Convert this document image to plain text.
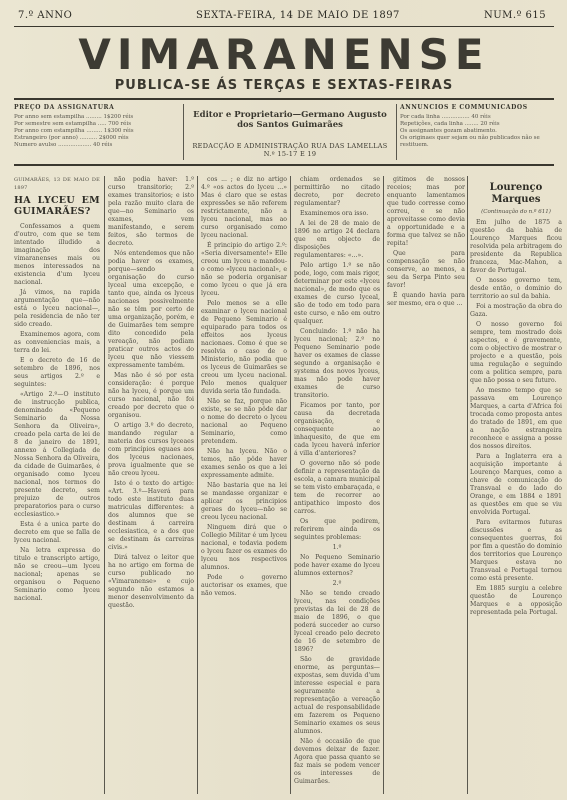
7.º ANNO	SEXTA-FEIRA, 14 DE MAIO DE 1897	NUM.º 615
VIMARANENSE
PUBLICA-SE ÁS TERÇAS E SEXTAS-FEIRAS
PREÇO DA ASSIGNATURA
Por anno sem estampilha ......... 1$200 réis
Por semestre sem estampilha ..... 700 réis
Por anno com estampilha ......... 1$300 réis
Estrangeiro (por anno) .......... 2$000 réis
Numero avulso ................... 40 réis
Editor e Proprietario—Germano Augusto dos Santos Guimarães
REDACÇÃO E ADMINISTRAÇÃO RUA DAS LAMELLAS N.º 15-17 E 19
ANNUNCIOS E COMMUNICADOS
Por cada linha ................ 40 réis
Repetições, cada linha ........ 20 réis
Os assignantes gozam abatimento.
Os originaes quer sejam ou não publicados não se restituem.

GUIMARÃES, 13 DE MAIO DE 1897

HA LYCEU EM GUIMARÃES?

Confessamos a quem d'outro, com que se tem intentado illudido a imaginação dos vimaranenses mais ou menos interessados na existencia d'um lyceu nacional.

Já vimos, na rapida argumentação que—não está o lyceu nacional—, pela residencia de não ter sido creado.

Examinemos agora, com as conveniencias mais, a terra do lei.

E o decreto de 16 de setembro de 1896, nos seus artigos 2.º e seguintes:

«Artigo 2.º—O instituto de instrucção publica, denominado «Pequeno Seminario da Nossa Senhora da Oliveira», creado pela carta de lei de 8 de janeiro de 1891, annexo á Collegiada de Nossa Senhora da Oliveira, da cidade de Guimarães, é organisado como lyceu nacional, nos termos do presente decreto, sem prejuizo de outros preparatorios para o curso ecclesiastico.»

Esta é a unica parte do decreto em que se falla de lyceu nacional.

Na letra expressa do titulo e transcripto artigo, não se creou—um lyceu nacional; apenas se organisou o Pequeno Seminario como lyceu nacional.

não podia haver: 1.º curso transitorio; 2.º exames transitorios; e isto pela razão muito clara de que—no Seminario os exames, vem manifestando, e serem feitos, são termos de decreto.

Nós entendemos que não podia haver os exames, porque—sendo a organisação do curso lyceal uma excepção, e tanto que, ainda os lyceus nacionaes possivelmente não se têm por certo de uma organização, porém, e de Guimarães tem sempre dito concedido pela vereação, não podiam praticar outros actos do lyceu que não viessem expressamente também.

Mas não é só por esta consideração: é porque não ha lyceu, é porque um curso nacional, não foi creado por decreto que o organisou.

O artigo 3.º do decreto, mandando regular a materia dos cursos lyceaes com princípios eguaes aos dos lyceus nacionaes, prova igualmente que se não creou lyceu.

Isto é o texto do artigo: «Art. 3.º—Haverá para todo este instituto duas matriculas differentes: a dos alumnos que se destinam á carreira ecclesiastica, e a dos que se destinam ás carreiras civis.»

Dirá talvez o leitor que ha no artigo em forma de curso publicado no «Vimaranense» e cujo segundo não estamos a menor desenvolvimento da questão.

cos ... ; e diz no artigo 4.º «os actos do lyceu ...» Mas é claro que se estas expressões se não referem restrictamente, não a lyceu nacional, mas ao curso organisado como lyceu nacional.

É principio do artigo 2.º: «Seria diversamente!» Elle creou um lyceu e mandou-o como «lyceu nacional», e não se poderia organisar como lyceu o que já era lyceu.

Pelo menos se a elle examinar o lyceu nacional de Pequeno Seminario é equiparado para todos os effeitos aos lyceus nacionaes. Como é que se resolvia o caso de o Ministerio, não podia que os lyceus de Guimarães se creou um lyceu nacional. Pelo menos qualquer duvida seria tão fundada.

Não se faz, porque não existe, se se não pôde dar o nome do decreto o lyceu nacional ao Pequeno Seminario, como pretendem.

Não ha lyceu. Não o temos, não pôde haver exames senão os que a lei expressamente admite.

Não bastaria que na lei se mandasse organizar e aplicar os principios geraes do lyceu—não se creou lyceu nacional.

Ninguem dirá que o Collegio Militar é um lyceu nacional, e todavia podem o lyceu fazer os exames do lyceu nos respectivos alumnos.

Pode o governo auctorisar os exames, que não vemos.

chiam ordenados se permittirão no citado decreto, por decreto regulamentar?

Examinemos ora isso.

A lei de 28 de maio de 1896 no artigo 24 declara que em objecto de disposições regulamentares: «...».

Pelo artigo 1.º se não pode, logo, com mais rigor, determinar por este «lyceu nacional», de modo que os exames de curso lyceal, são de todo em todo para este curso, e não em outro qualquer.

Concluindo: 1.º não ha lyceu nacional; 2.º no Pequeno Seminario pode haver os exames de classe segundo a organisação e systema dos novos lyceus, mas não pode haver exames de curso transitorio.

Ficamos por tanto, por causa da decretada organisação, e consequente ao inhaquesito, de que em cada lyceu haverá inferior á villa d'anteriores?

O governo não só pode definir a representação da escola, a camara municipal se tem visto embaraçada, e tem de recorrer ao antipathico imposto dos carros.

Os que pedirem, referirem ainda os seguintes problemas:

1.º

No Pequeno Seminario pode haver exame do lyceu alumnos externos?

2.º

Não se tendo creado lyceu, nas condições previstas da lei de 28 de maio de 1896, o que poderá succeder ao curso lyceal creado pelo decreto de 16 de setembro de 1896?

São de gravidade enorme, as perguntas—expostas, sem duvida d'um interesse especial e para seguramente a representação a vereação actual de responsabilidade em fazerem os Pequeno Seminario exames os seus alumnos.

Não é occasião de que devemos deixar de fazer. Agora que passa quanto se faz mais se podem vencer os interesses de Guimarães.

gitimos de nossos receios; mas por enquanto lamentamos que tudo corresse como correu, e se não aproveitasse como devia a opportunidade e a forma que talvez se não repita!

Que para compensação se não conserve, ao menos, a seu da Serpa Pinto seu favor!

É quando havia para ser mesmo, era o que ...

Lourenço Marques
(Continuação do n.º 611)

Em julho de 1875 a questão da bahia de Lourenço Marques ficou resolvida pela arbitragem do presidente da Republica franceza, Mac-Mahon, a favor de Portugal.

O nosso governo tem, desde então, o dominio do territorio ao sul da bahia.

Foi a mostração da obra do Gaza.

O nosso governo foi sempre, tem mostrado dois aspectos, e é gravemente, com o objectivo de mostrar o projecto e a questão, pois uma regulação e seguindo com a politica sempre, para que não possa o seu futuro.

Ao mesmo tempo que se passava em Lourenço Marques, a carta d'Africa foi trocada como proposta antes do tratado de 1891, em que a nação estrangeira reconhece e assigna a posse dos nossos direitos.

Para a Inglaterra era a acquisição importante á Lourenço Marques, como a chave de comunicação do Transvaal e do lado do Orange, e em 1884 e 1891 as questões em que se viu envolvida Portugal.

Para evitarmos futuras discussões e as consequentes guerras, foi por fim a questão do dominio dos territorios que Lourenço Marques estava no Transvaal e Portugal tornou como está presente.

Em 1885 surgiu a celebre questão de Lourenço Marques e a opposição representada pela Portugal.
